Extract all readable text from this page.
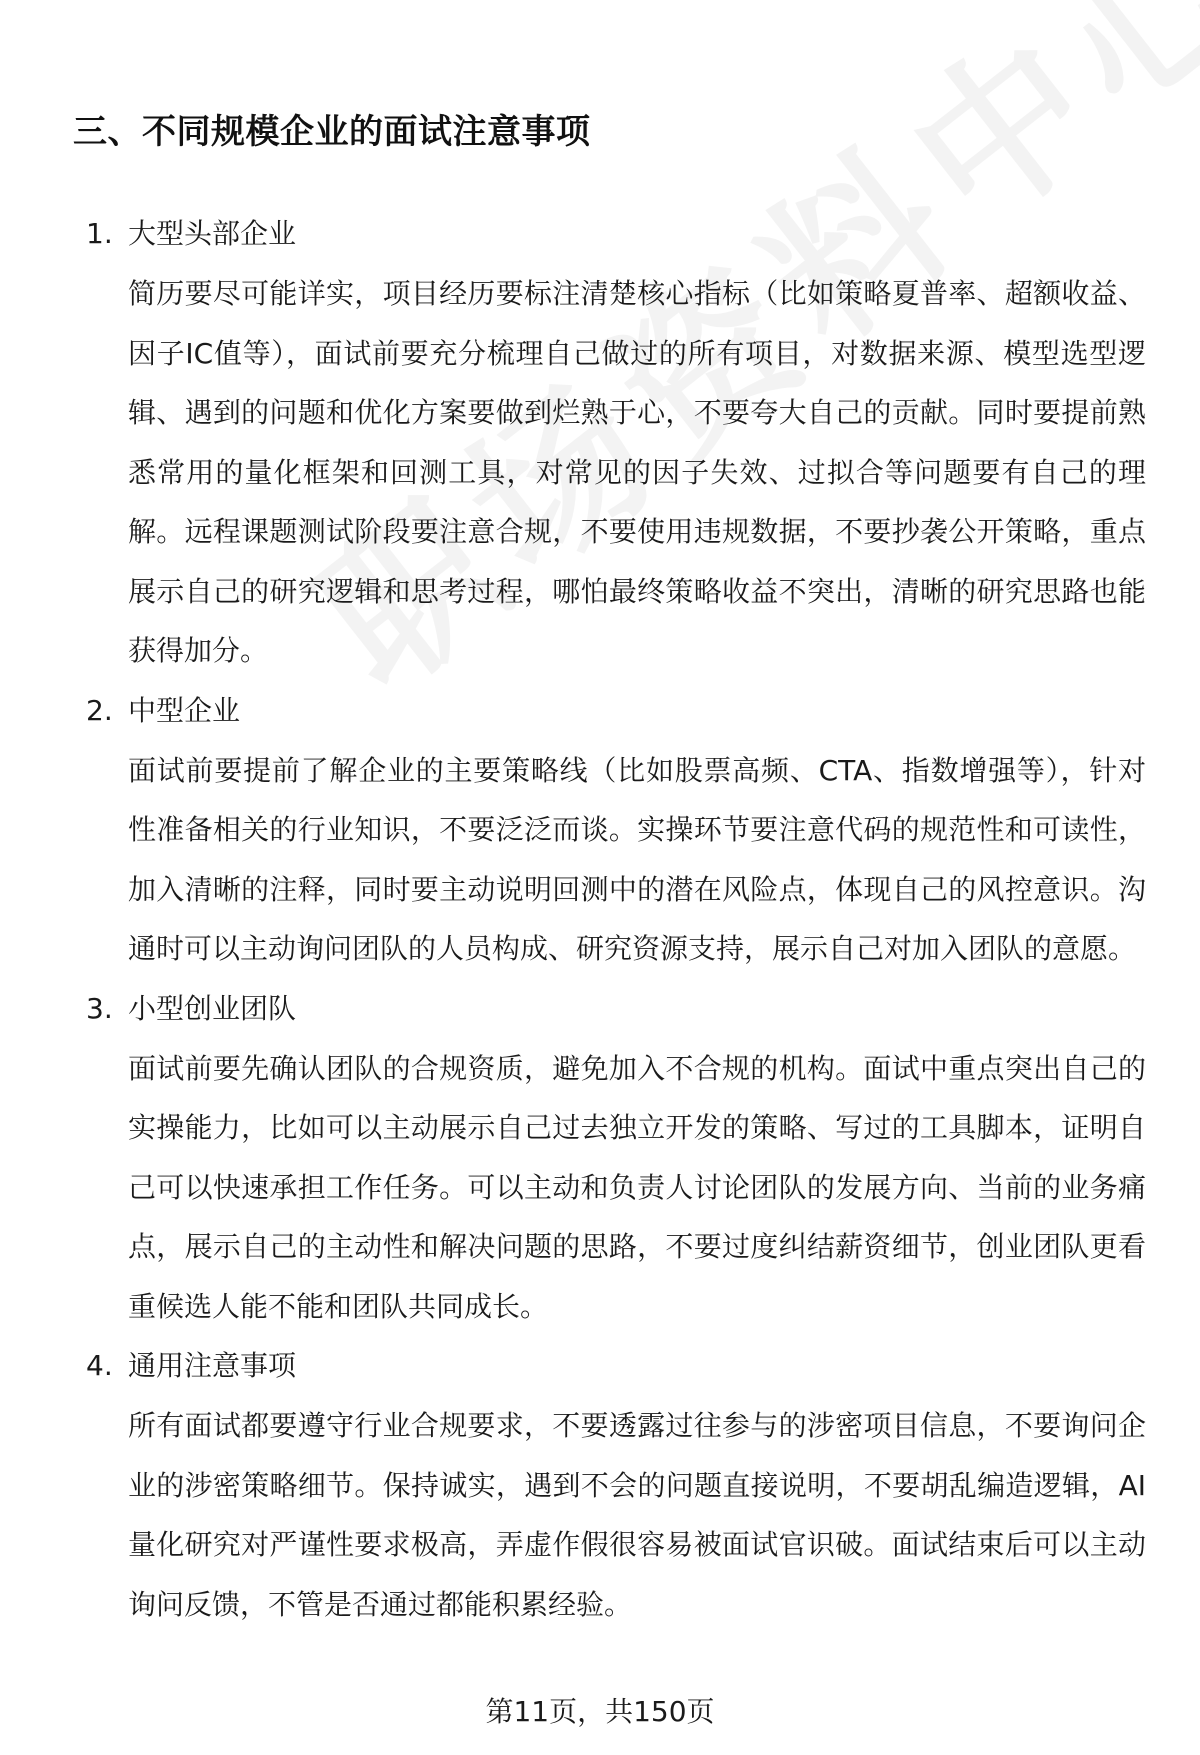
三、不同规模企业的面试注意事项
1. 大型头部企业

简历要尽可能详实，项目经历要标注清楚核心指标（比如策略夏普率、超额收益、因子IC值等），面试前要充分梳理自己做过的所有项目，对数据来源、模型选型逻辑、遇到的问题和优化方案要做到烂熟于心，不要夸大自己的贡献。同时要提前熟悉常用的量化框架和回测工具，对常见的因子失效、过拟合等问题要有自己的理解。远程课题测试阶段要注意合规，不要使用违规数据，不要抄袭公开策略，重点展示自己的研究逻辑和思考过程，哪怕最终策略收益不突出，清晰的研究思路也能获得加分。

2. 中型企业

面试前要提前了解企业的主要策略线（比如股票高频、CTA、指数增强等），针对性准备相关的行业知识，不要泛泛而谈。实操环节要注意代码的规范性和可读性，加入清晰的注释，同时要主动说明回测中的潜在风险点，体现自己的风控意识。沟通时可以主动询问团队的人员构成、研究资源支持，展示自己对加入团队的意愿。

3. 小型创业团队

面试前要先确认团队的合规资质，避免加入不合规的机构。面试中重点突出自己的实操能力，比如可以主动展示自己过去独立开发的策略、写过的工具脚本，证明自己可以快速承担工作任务。可以主动和负责人讨论团队的发展方向、当前的业务痛点，展示自己的主动性和解决问题的思路，不要过度纠结薪资细节，创业团队更看重候选人能不能和团队共同成长。

4. 通用注意事项

所有面试都要遵守行业合规要求，不要透露过往参与的涉密项目信息，不要询问企业的涉密策略细节。保持诚实，遇到不会的问题直接说明，不要胡乱编造逻辑，AI量化研究对严谨性要求极高，弄虚作假很容易被面试官识破。面试结束后可以主动询问反馈，不管是否通过都能积累经验。

第11页，共150页
